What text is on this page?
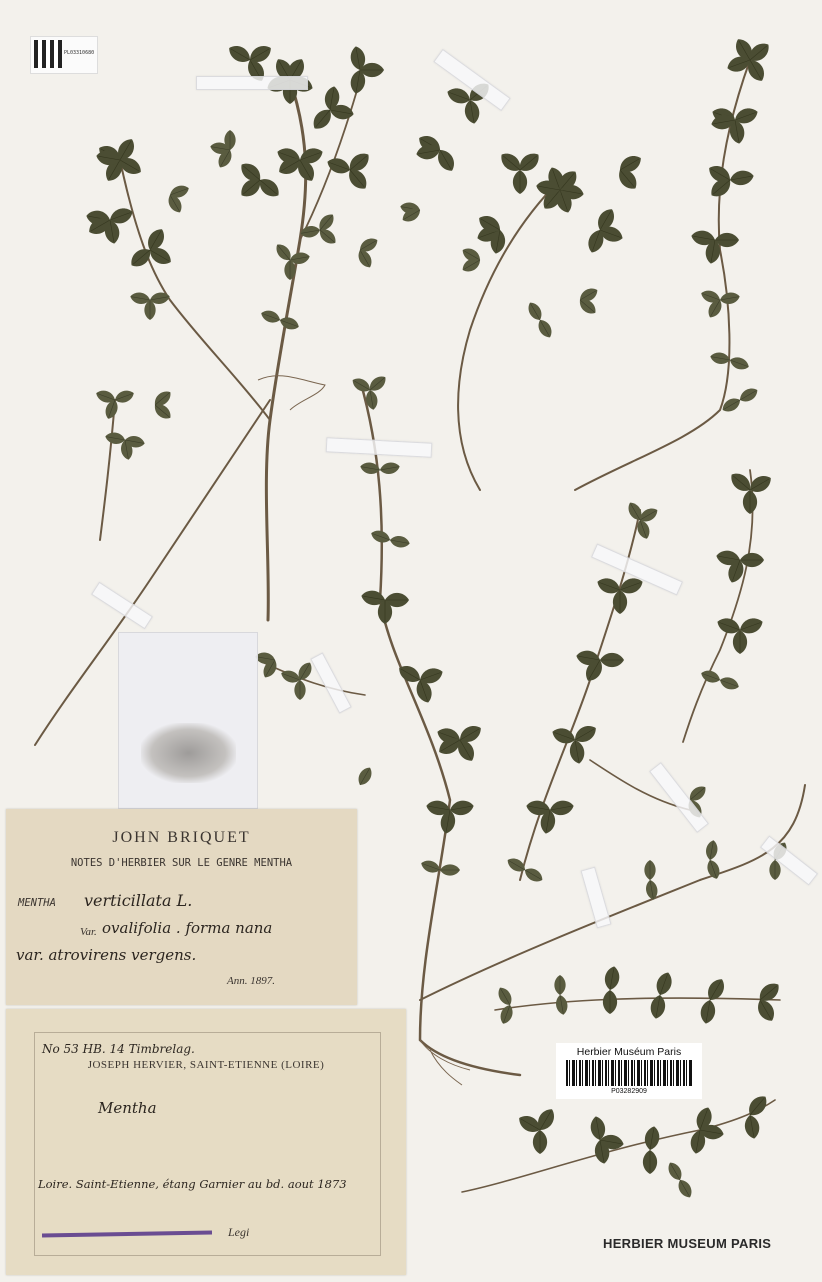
PL03310680
JOHN BRIQUET
NOTES D'HERBIER SUR LE GENRE MENTHA
MENTHA verticillata L.
Var. ovalifolia . forma nana
var. atrovirens vergens.
Ann. 1897.
No 53 HB. 14 Timbrelag.
JOSEPH HERVIER, SAINT-ETIENNE (LOIRE)
Mentha
Loire. Saint-Etienne, étang Garnier au bd. aout 1873
Legi
Herbier Muséum Paris
P03282909
HERBIER MUSEUM PARIS
